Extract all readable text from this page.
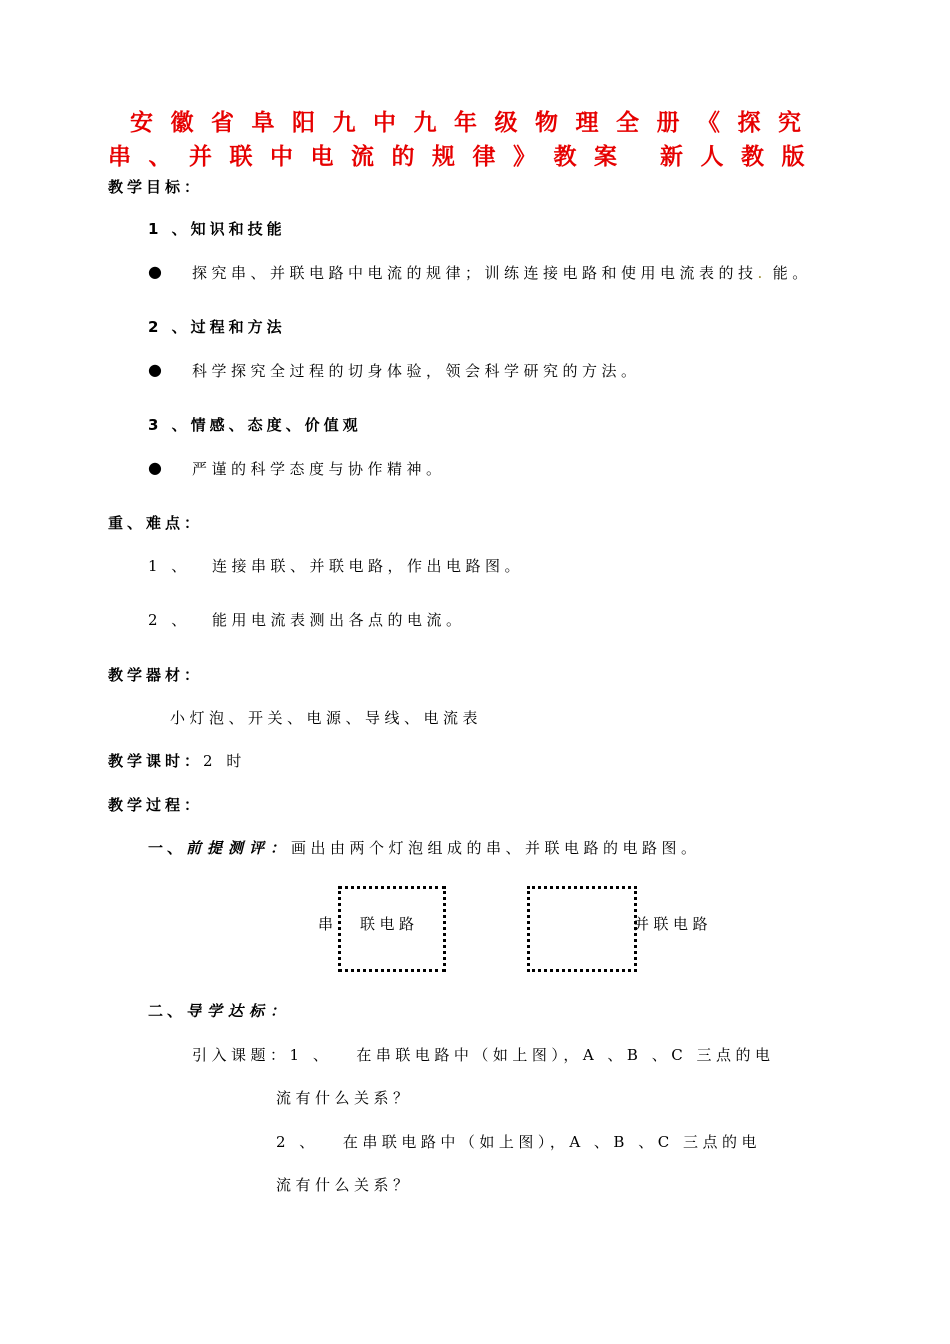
安徽省阜阳九中九年级物理全册《探究
串、并联中电流的规律》教案 新人教版
教学目标：
1 、知识和技能
● 探究串、并联电路中电流的规律；训练连接电路和使用电流表的技. 能。
2 、过程和方法
● 科学探究全过程的切身体验，领会科学研究的方法。
3 、情感、态度、价值观
● 严谨的科学态度与协作精神。
重、难点：
1 、 连接串联、并联电路，作出电路图。
2 、 能用电流表测出各点的电流。
教学器材：
小灯泡、开关、电源、导线、电流表
教学课时：2 时
教学过程：
一、前提测评：画出由两个灯泡组成的串、并联电路的电路图。
串 联电路	并联电路
二、导学达标：
引入课题：1 、 在串联电路中（如上图），A 、B 、C 三点的电
流有什么关系？
2 、 在串联电路中（如上图），A 、B 、C 三点的电
流有什么关系？
